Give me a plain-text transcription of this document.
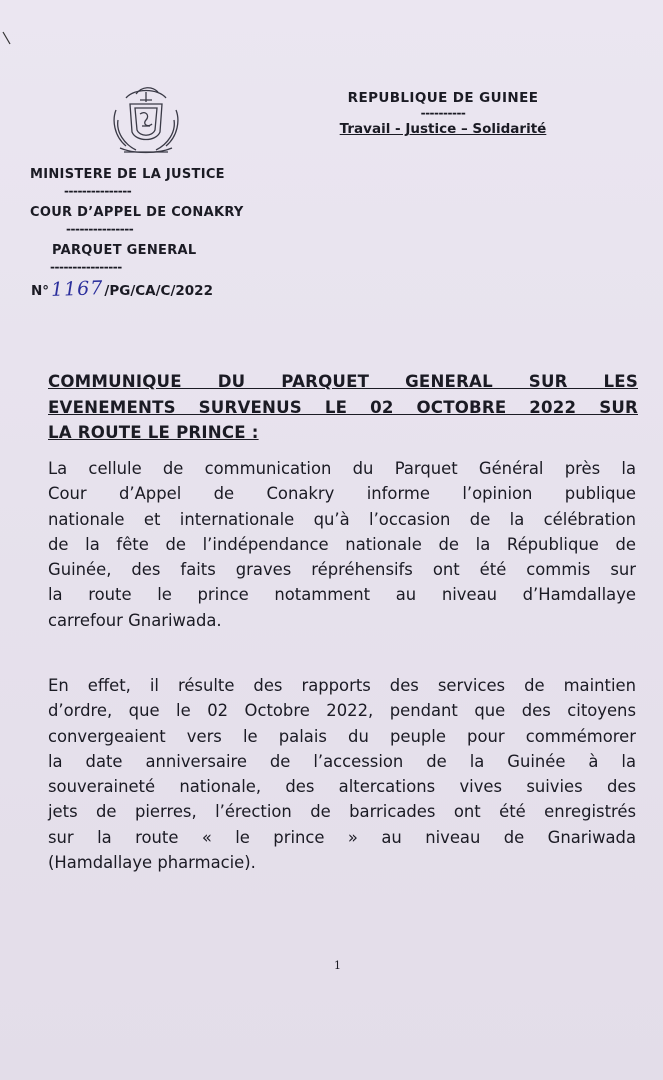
REPUBLIQUE DE GUINEE
----------
Travail - Justice – Solidarité
MINISTERE DE LA JUSTICE
---------------
COUR D’APPEL DE CONAKRY
---------------
PARQUET GENERAL
----------------
N° 1167 /PG/CA/C/2022
COMMUNIQUE DU PARQUET GENERAL SUR LES
EVENEMENTS SURVENUS LE 02 OCTOBRE 2022 SUR
LA ROUTE LE PRINCE :
La cellule de communication du Parquet Général près la
Cour d’Appel de Conakry informe l’opinion publique
nationale et internationale qu’à l’occasion de la célébration
de la fête de l’indépendance nationale de la République de
Guinée, des faits graves répréhensifs ont été commis sur
la route le prince notamment au niveau d’Hamdallaye
carrefour Gnariwada.
En effet, il résulte des rapports des services de maintien
d’ordre, que le 02 Octobre 2022, pendant que des citoyens
convergeaient vers le palais du peuple pour commémorer
la date anniversaire de l’accession de la Guinée à la
souveraineté nationale, des altercations vives suivies des
jets de pierres, l’érection de barricades ont été enregistrés
sur la route « le prince » au niveau de Gnariwada
(Hamdallaye pharmacie).
1
